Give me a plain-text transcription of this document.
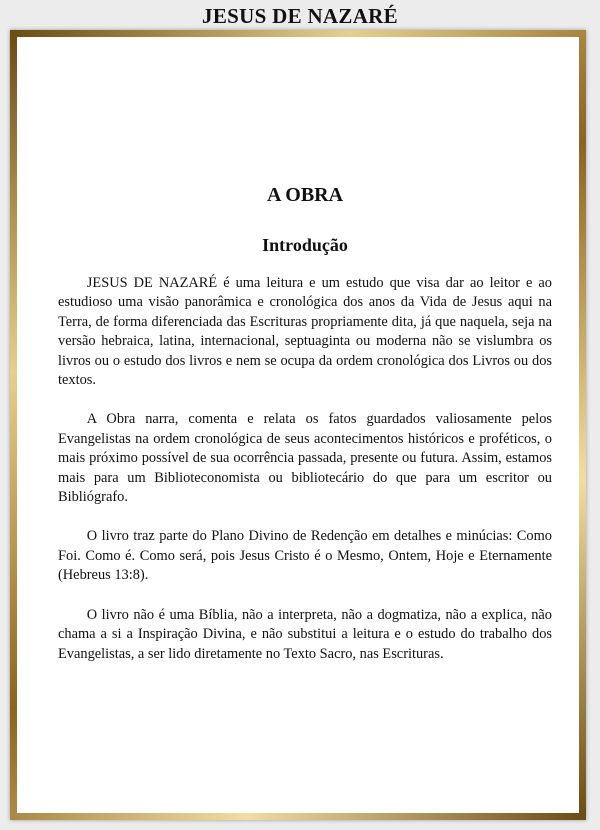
JESUS DE NAZARÉ
A OBRA
Introdução

JESUS DE NAZARÉ é uma leitura e um estudo que visa dar ao leitor e ao estudioso uma visão panorâmica e cronológica dos anos da Vida de Jesus aqui na Terra, de forma diferenciada das Escrituras propriamente dita, já que naquela, seja na versão hebraica, latina, internacional, septuaginta ou moderna não se vislumbra os livros ou o estudo dos livros e nem se ocupa da ordem cronológica dos Livros ou dos textos.

A Obra narra, comenta e relata os fatos guardados valiosamente pelos Evangelistas na ordem cronológica de seus acontecimentos históricos e proféticos, o mais próximo possível de sua ocorrência passada, presente ou futura. Assim, estamos mais para um Biblioteconomista ou bibliotecário do que para um escritor ou Bibliógrafo.

O livro traz parte do Plano Divino de Redenção em detalhes e minúcias: Como Foi. Como é. Como será, pois Jesus Cristo é o Mesmo, Ontem, Hoje e Eternamente (Hebreus 13:8).

O livro não é uma Bíblia, não a interpreta, não a dogmatiza, não a explica, não chama a si a Inspiração Divina, e não substitui a leitura e o estudo do trabalho dos Evangelistas, a ser lido diretamente no Texto Sacro, nas Escrituras.
